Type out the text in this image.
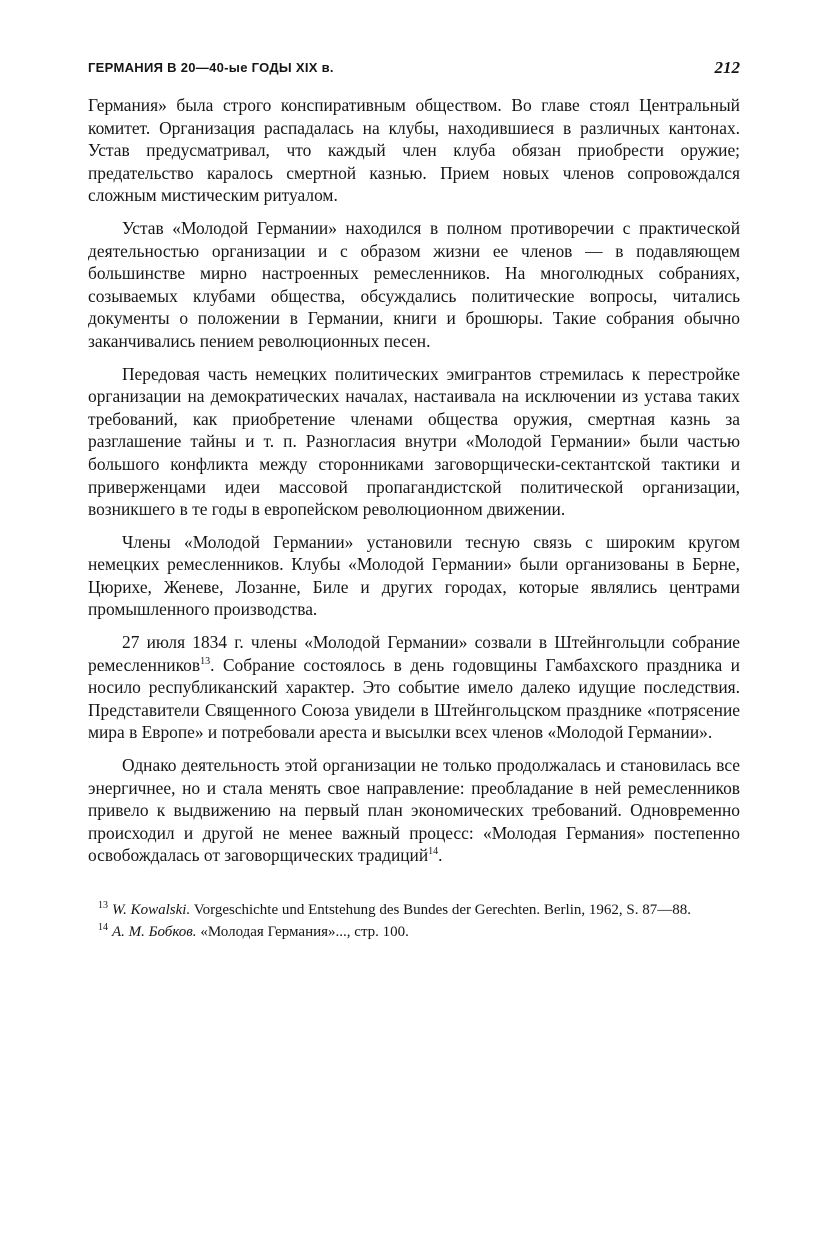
ГЕРМАНИЯ В 20—40-ые ГОДЫ XIX в.	212

Германия» была строго конспиративным обществом. Во главе стоял Центральный комитет. Организация распадалась на клубы, находившиеся в различных кантонах. Устав предусматривал, что каждый член клуба обязан приобрести оружие; предательство каралось смертной казнью. Прием новых членов сопровождался сложным мистическим ритуалом.

Устав «Молодой Германии» находился в полном противоречии с практической деятельностью организации и с образом жизни ее членов — в подавляющем большинстве мирно настроенных ремесленников. На многолюдных собраниях, созываемых клубами общества, обсуждались политические вопросы, читались документы о положении в Германии, книги и брошюры. Такие собрания обычно заканчивались пением революционных песен.

Передовая часть немецких политических эмигрантов стремилась к перестройке организации на демократических началах, настаивала на исключении из устава таких требований, как приобретение членами общества оружия, смертная казнь за разглашение тайны и т. п. Разногласия внутри «Молодой Германии» были частью большого конфликта между сторонниками заговорщически-сектантской тактики и приверженцами идеи массовой пропагандистской политической организации, возникшего в те годы в европейском революционном движении.

Члены «Молодой Германии» установили тесную связь с широким кругом немецких ремесленников. Клубы «Молодой Германии» были организованы в Берне, Цюрихе, Женеве, Лозанне, Биле и других городах, которые являлись центрами промышленного производства.

27 июля 1834 г. члены «Молодой Германии» созвали в Штейнгольцли собрание ремесленников$^{13}$. Собрание состоялось в день годовщины Гамбахского праздника и носило республиканский характер. Это событие имело далеко идущие последствия. Представители Священного Союза увидели в Штейнгольцском празднике «потрясение мира в Европе» и потребовали ареста и высылки всех членов «Молодой Германии».

Однако деятельность этой организации не только продолжалась и становилась все энергичнее, но и стала менять свое направление: преобладание в ней ремесленников привело к выдвижению на первый план экономических требований. Одновременно происходил и другой не менее важный процесс: «Молодая Германия» постепенно освобождалась от заговорщических традиций$^{14}$.

$^{13}$ W. Kowalski. Vorgeschichte und Entstehung des Bundes der Gerechten. Berlin, 1962, S. 87—88.

$^{14}$ А. М. Бобков. «Молодая Германия»..., стр. 100.
